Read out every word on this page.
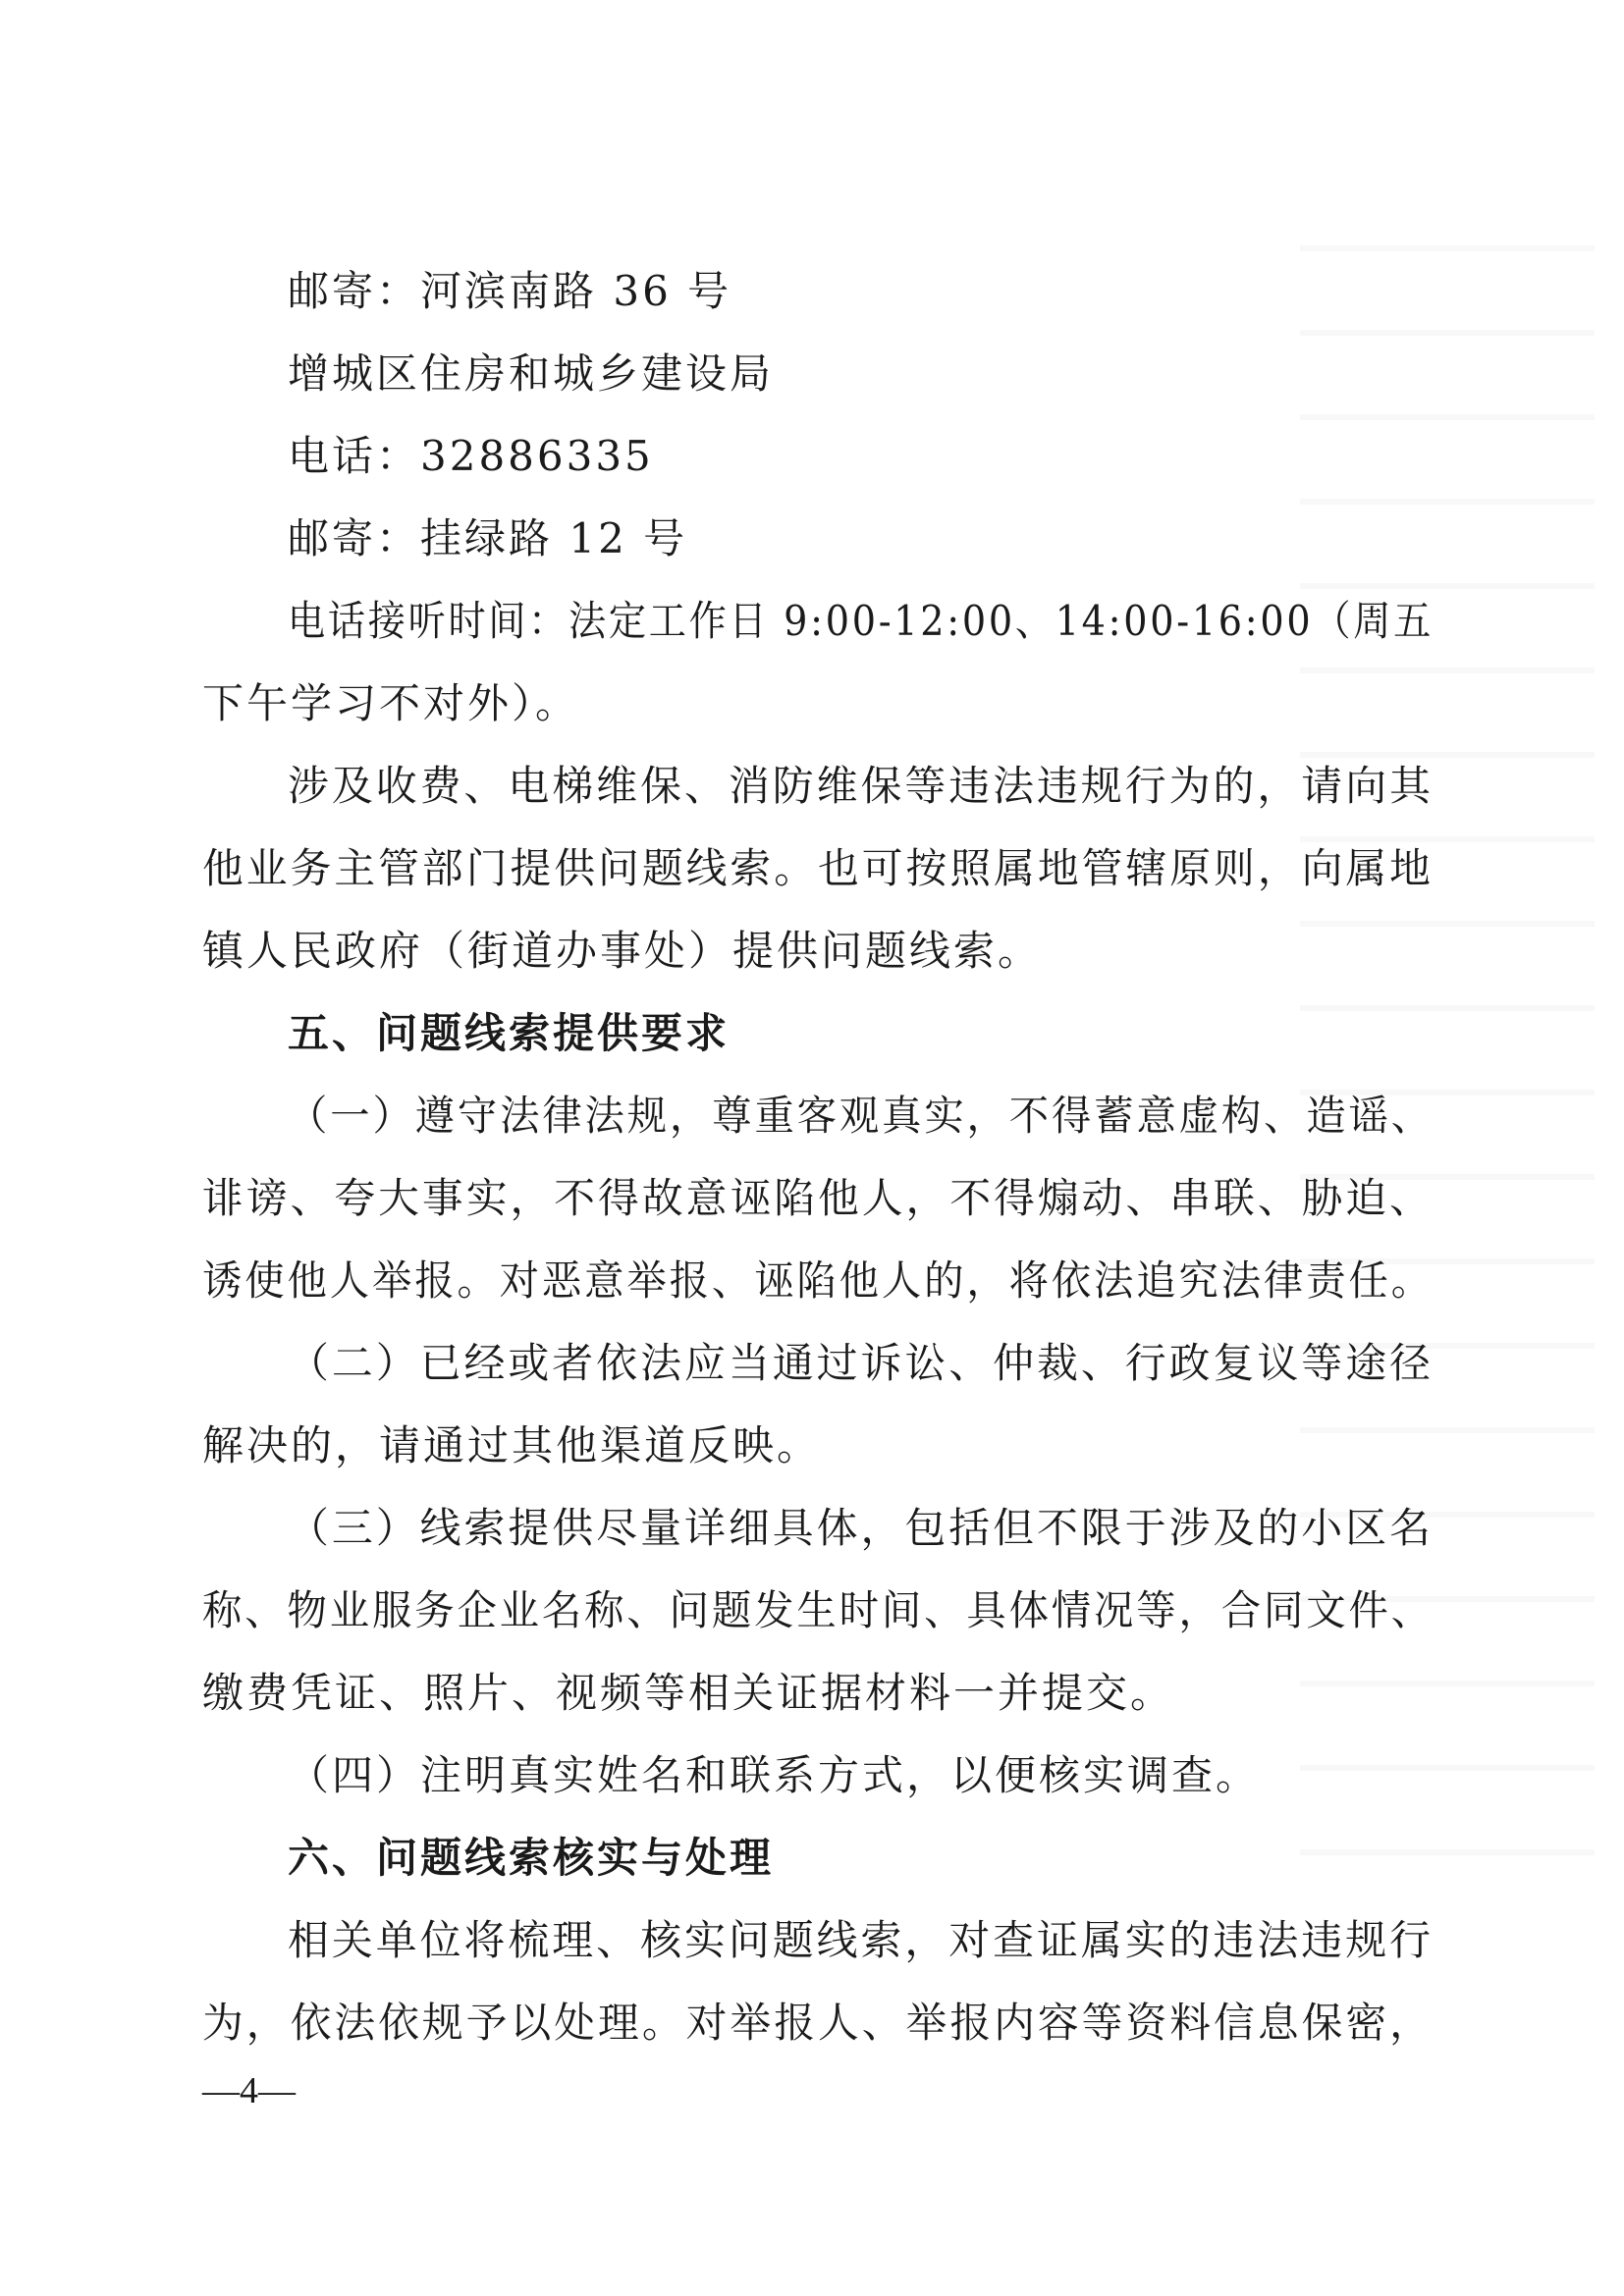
邮寄：河滨南路 36 号
增城区住房和城乡建设局
电话：32886335
邮寄：挂绿路 12 号
电话接听时间：法定工作日 9:00-12:00、14:00-16:00（周五
下午学习不对外）。
涉及收费、电梯维保、消防维保等违法违规行为的，请向其
他业务主管部门提供问题线索。也可按照属地管辖原则，向属地
镇人民政府（街道办事处）提供问题线索。
五、问题线索提供要求
（一）遵守法律法规，尊重客观真实，不得蓄意虚构、造谣、
诽谤、夸大事实，不得故意诬陷他人，不得煽动、串联、胁迫、
诱使他人举报。对恶意举报、诬陷他人的，将依法追究法律责任。
（二）已经或者依法应当通过诉讼、仲裁、行政复议等途径
解决的，请通过其他渠道反映。
（三）线索提供尽量详细具体，包括但不限于涉及的小区名
称、物业服务企业名称、问题发生时间、具体情况等，合同文件、
缴费凭证、照片、视频等相关证据材料一并提交。
（四）注明真实姓名和联系方式，以便核实调查。
六、问题线索核实与处理
相关单位将梳理、核实问题线索，对查证属实的违法违规行
为，依法依规予以处理。对举报人、举报内容等资料信息保密，
—4—
